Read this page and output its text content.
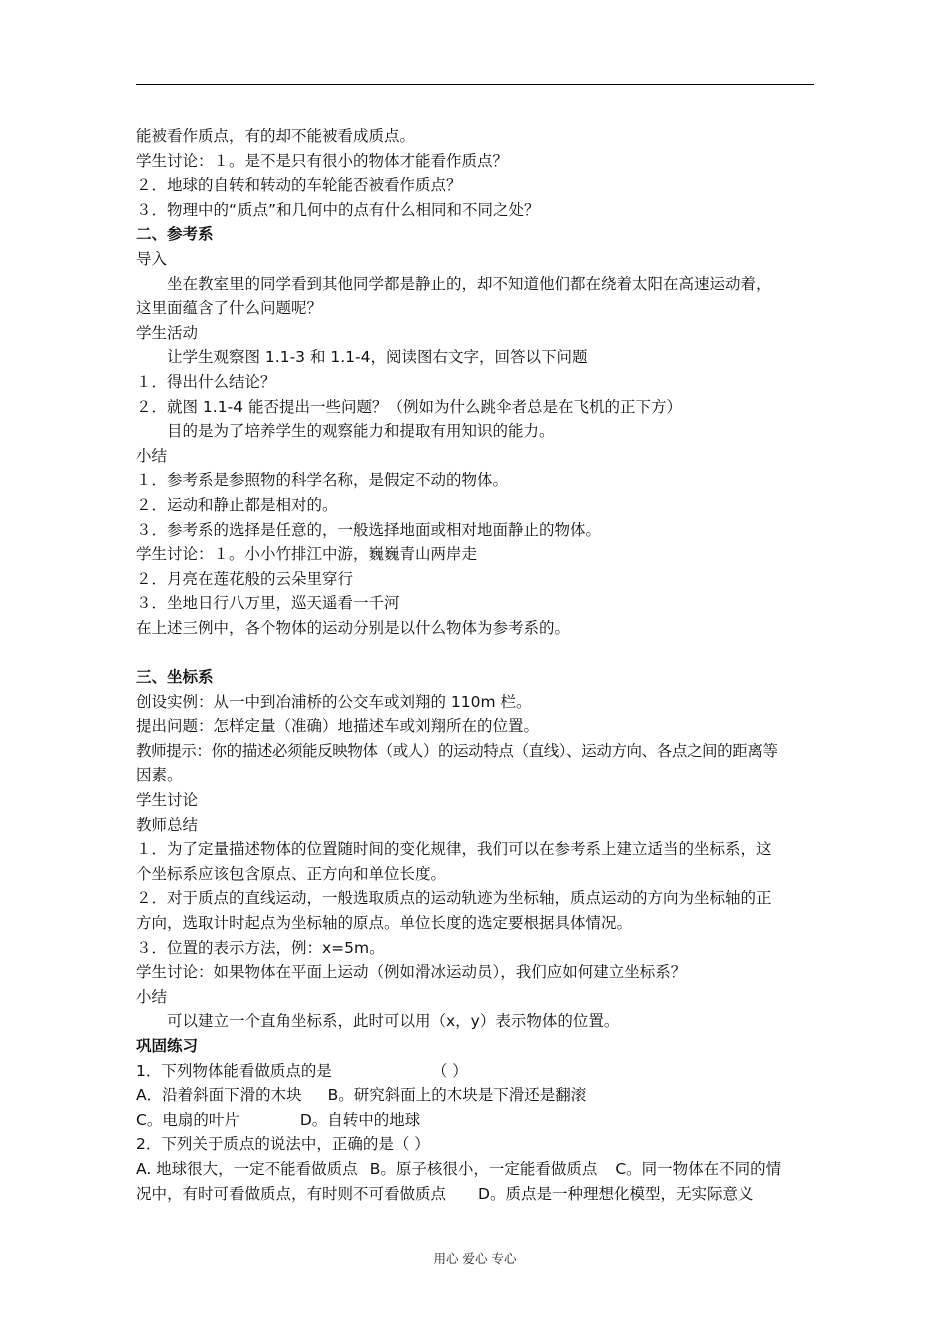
能被看作质点，有的却不能被看成质点。
学生讨论：１。是不是只有很小的物体才能看作质点？
２．地球的自转和转动的车轮能否被看作质点？
３．物理中的“质点”和几何中的点有什么相同和不同之处？
二、参考系
导入
坐在教室里的同学看到其他同学都是静止的，却不知道他们都在绕着太阳在高速运动着，
这里面蕴含了什么问题呢？
学生活动
让学生观察图 1.1-3 和 1.1-4，阅读图右文字，回答以下问题
１．得出什么结论？
２．就图 1.1-4 能否提出一些问题？（例如为什么跳伞者总是在飞机的正下方）
目的是为了培养学生的观察能力和提取有用知识的能力。
小结
１．参考系是参照物的科学名称，是假定不动的物体。
２．运动和静止都是相对的。
３．参考系的选择是任意的，一般选择地面或相对地面静止的物体。
学生讨论：１。小小竹排江中游，巍巍青山两岸走
２．月亮在莲花般的云朵里穿行
３．坐地日行八万里，巡天遥看一千河
在上述三例中，各个物体的运动分别是以什么物体为参考系的。
三、坐标系
创设实例：从一中到冶浦桥的公交车或刘翔的 110m 栏。
提出问题：怎样定量（准确）地描述车或刘翔所在的位置。
教师提示：你的描述必须能反映物体（或人）的运动特点（直线）、运动方向、各点之间的距离等
因素。
学生讨论
教师总结
１．为了定量描述物体的位置随时间的变化规律，我们可以在参考系上建立适当的坐标系，这
个坐标系应该包含原点、正方向和单位长度。
２．对于质点的直线运动，一般选取质点的运动轨迹为坐标轴，质点运动的方向为坐标轴的正
方向，选取计时起点为坐标轴的原点。单位长度的选定要根据具体情况。
３．位置的表示方法，例：x=5m。
学生讨论：如果物体在平面上运动（例如滑冰运动员），我们应如何建立坐标系？
小结
可以建立一个直角坐标系，此时可以用（x，y）表示物体的位置。
巩固练习
1．下列物体能看做质点的是	（ ）
A．沿着斜面下滑的木块 B。研究斜面上的木块是下滑还是翻滚
C。电扇的叶片	D。自转中的地球
2．下列关于质点的说法中，正确的是（ ）
A. 地球很大，一定不能看做质点 B。原子核很小，一定能看做质点 C。同一物体在不同的情
况中，有时可看做质点，有时则不可看做质点 D。质点是一种理想化模型，无实际意义
用心 爱心 专心
